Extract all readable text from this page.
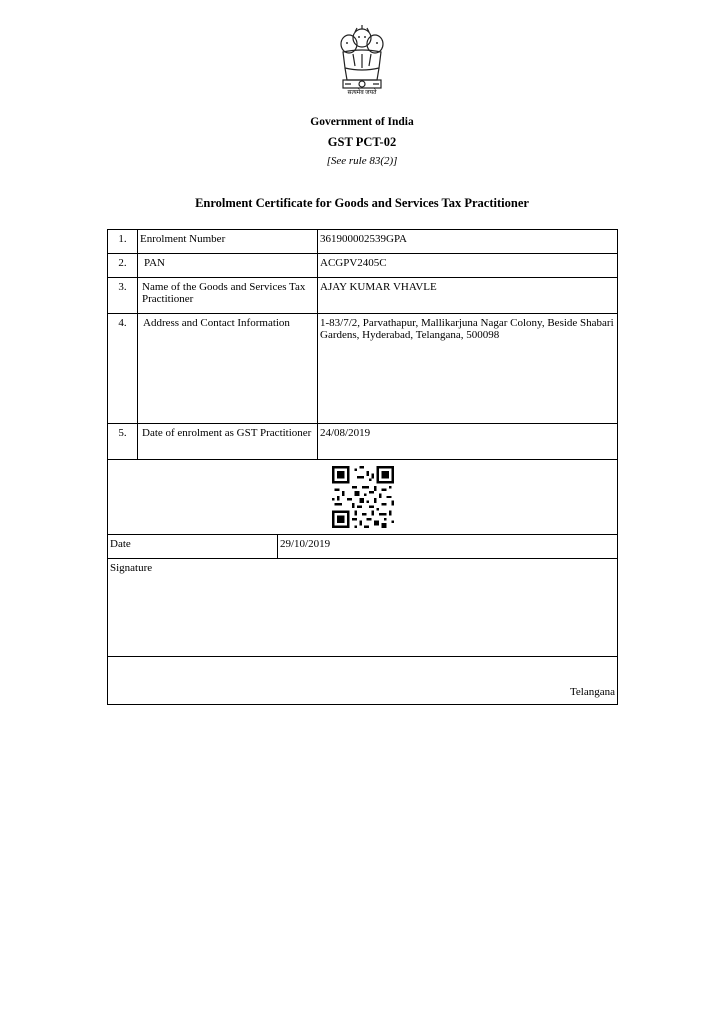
सत्यमेव जयते
Government of India
GST PCT-02
[See rule 83(2)]
Enrolment Certificate for Goods and Services Tax Practitioner
1.	Enrolment Number	361900002539GPA
2.	PAN	ACGPV2405C
3.	Name of the Goods and Services Tax Practitioner	AJAY KUMAR VHAVLE
4.	Address and Contact Information	1-83/7/2, Parvathapur, Mallikarjuna Nagar Colony, Beside Shabari Gardens, Hyderabad, Telangana, 500098
5.	Date of enrolment as GST Practitioner	24/08/2019
Date	29/10/2019
Signature
Telangana
